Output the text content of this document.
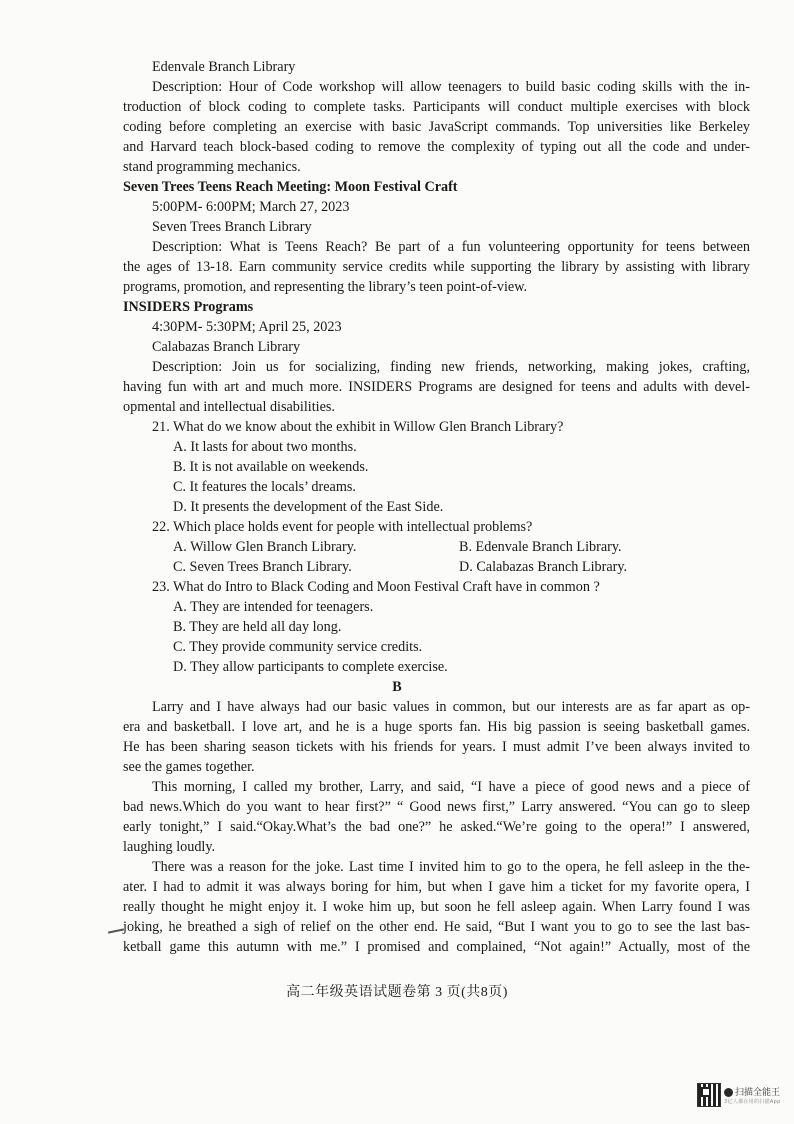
Edenvale Branch Library
Description: Hour of Code workshop will allow teenagers to build basic coding skills with the in-
troduction of block coding to complete tasks. Participants will conduct multiple exercises with block
coding before completing an exercise with basic JavaScript commands. Top universities like Berkeley
and Harvard teach block-based coding to remove the complexity of typing out all the code and under-
stand programming mechanics.
Seven Trees Teens Reach Meeting: Moon Festival Craft
5:00PM- 6:00PM; March 27, 2023
Seven Trees Branch Library
Description: What is Teens Reach? Be part of a fun volunteering opportunity for teens between
the ages of 13-18. Earn community service credits while supporting the library by assisting with library
programs, promotion, and representing the library’s teen point-of-view.
INSIDERS Programs
4:30PM- 5:30PM; April 25, 2023
Calabazas Branch Library
Description: Join us for socializing, finding new friends, networking, making jokes, crafting,
having fun with art and much more. INSIDERS Programs are designed for teens and adults with devel-
opmental and intellectual disabilities.
21. What do we know about the exhibit in Willow Glen Branch Library?
A. It lasts for about two months.
B. It is not available on weekends.
C. It features the locals’ dreams.
D. It presents the development of the East Side.
22. Which place holds event for people with intellectual problems?
A. Willow Glen Branch Library.	B. Edenvale Branch Library.
C. Seven Trees Branch Library.	D. Calabazas Branch Library.
23. What do Intro to Black Coding and Moon Festival Craft have in common ?
A. They are intended for teenagers.
B. They are held all day long.
C. They provide community service credits.
D. They allow participants to complete exercise.
B
Larry and I have always had our basic values in common, but our interests are as far apart as op-
era and basketball. I love art, and he is a huge sports fan. His big passion is seeing basketball games.
He has been sharing season tickets with his friends for years. I must admit I’ve been always invited to
see the games together.
This morning, I called my brother, Larry, and said, “I have a piece of good news and a piece of
bad news.Which do you want to hear first?” “ Good news first,” Larry answered. “You can go to sleep
early tonight,” I said.“Okay.What’s the bad one?” he asked.“We’re going to the opera!” I answered,
laughing loudly.
There was a reason for the joke. Last time I invited him to go to the opera, he fell asleep in the the-
ater. I had to admit it was always boring for him, but when I gave him a ticket for my favorite opera, I
really thought he might enjoy it. I woke him up, but soon he fell asleep again. When Larry found I was
joking, he breathed a sigh of relief on the other end. He said, “But I want you to go to see the last bas-
ketball game this autumn with me.” I promised and complained, “Not again!” Actually, most of the
高二年级英语试题卷第 3 页(共8页)
扫描全能王
3亿人都在用的扫描App
